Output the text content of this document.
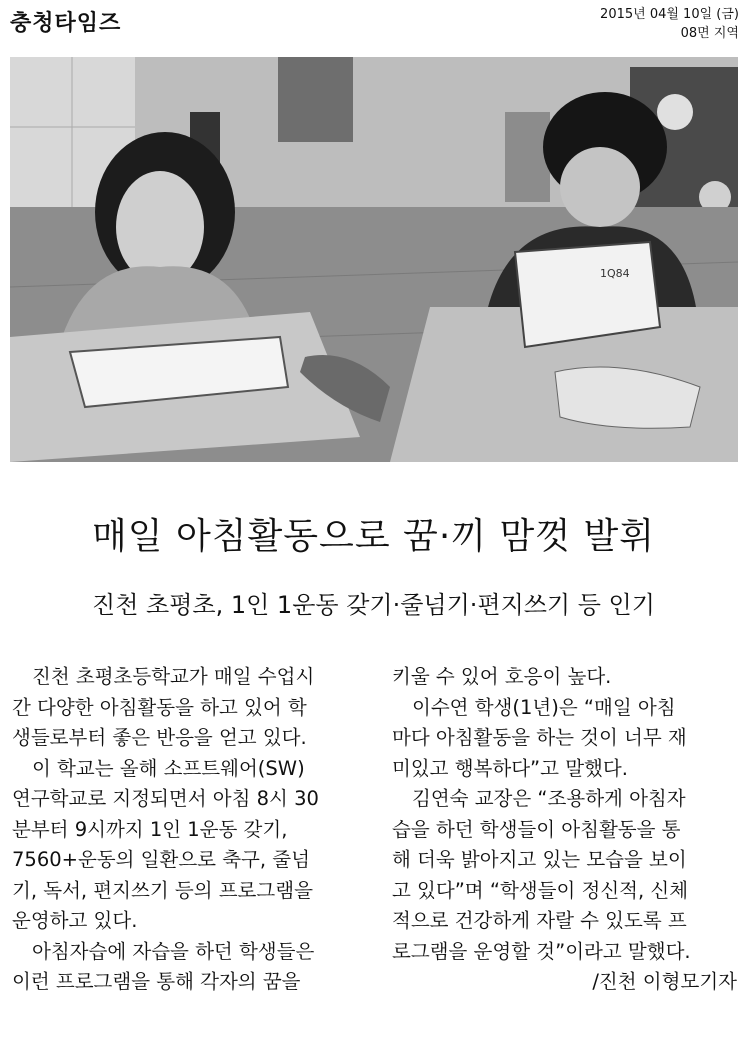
충청타임즈	2015년 04월 10일 (금)
08면 지역
1Q84
매일 아침활동으로 꿈·끼 맘껏 발휘
진천 초평초, 1인 1운동 갖기·줄넘기·편지쓰기 등 인기

진천 초평초등학교가 매일 수업시

간 다양한 아침활동을 하고 있어 학

생들로부터 좋은 반응을 얻고 있다.

이 학교는 올해 소프트웨어(SW)

연구학교로 지정되면서 아침 8시 30

분부터 9시까지 1인 1운동 갖기,

7560+운동의 일환으로 축구, 줄넘

기, 독서, 편지쓰기 등의 프로그램을

운영하고 있다.

아침자습에 자습을 하던 학생들은

이런 프로그램을 통해 각자의 꿈을

키울 수 있어 호응이 높다.

이수연 학생(1년)은 “매일 아침

마다 아침활동을 하는 것이 너무 재

미있고 행복하다”고 말했다.

김연숙 교장은 “조용하게 아침자

습을 하던 학생들이 아침활동을 통

해 더욱 밝아지고 있는 모습을 보이

고 있다”며 “학생들이 정신적, 신체

적으로 건강하게 자랄 수 있도록 프

로그램을 운영할 것”이라고 말했다.

/진천 이형모기자
